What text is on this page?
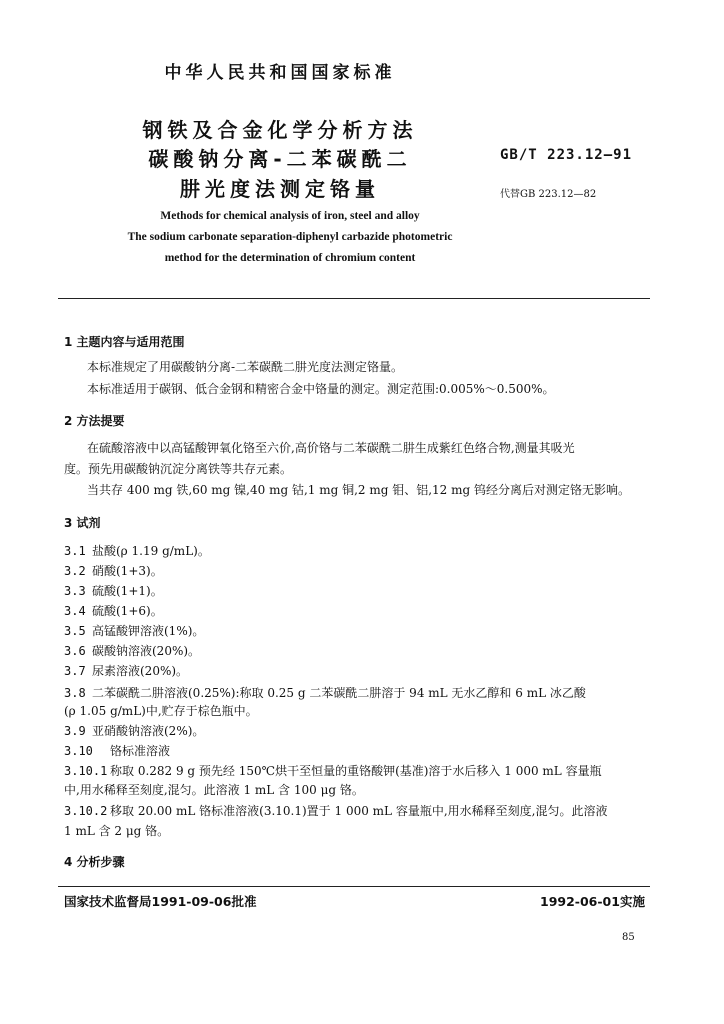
中华人民共和国国家标准
钢铁及合金化学分析方法
碳酸钠分离-二苯碳酰二
肼光度法测定铬量
GB/T 223.12—91
代替GB 223.12—82
Methods for chemical analysis of iron, steel and alloy
The sodium carbonate separation-diphenyl carbazide photometric
method for the determination of chromium content
1 主题内容与适用范围
本标准规定了用碳酸钠分离-二苯碳酰二肼光度法测定铬量。
本标准适用于碳钢、低合金钢和精密合金中铬量的测定。测定范围:0.005%～0.500%。
2 方法提要
在硫酸溶液中以高锰酸钾氧化铬至六价,高价铬与二苯碳酰二肼生成紫红色络合物,测量其吸光
度。预先用碳酸钠沉淀分离铁等共存元素。
当共存 400 mg 铁,60 mg 镍,40 mg 钴,1 mg 铜,2 mg 钼、铝,12 mg 钨经分离后对测定铬无影响。
3 试剂
3.1 盐酸(ρ 1.19 g/mL)。
3.2 硝酸(1+3)。
3.3 硫酸(1+1)。
3.4 硫酸(1+6)。
3.5 高锰酸钾溶液(1%)。
3.6 碳酸钠溶液(20%)。
3.7 尿素溶液(20%)。
3.8 二苯碳酰二肼溶液(0.25%):称取 0.25 g 二苯碳酰二肼溶于 94 mL 无水乙醇和 6 mL 冰乙酸
(ρ 1.05 g/mL)中,贮存于棕色瓶中。
3.9 亚硝酸钠溶液(2%)。
3.10 铬标准溶液
3.10.1 称取 0.282 9 g 预先经 150℃烘干至恒量的重铬酸钾(基准)溶于水后移入 1 000 mL 容量瓶
中,用水稀释至刻度,混匀。此溶液 1 mL 含 100 μg 铬。
3.10.2 移取 20.00 mL 铬标准溶液(3.10.1)置于 1 000 mL 容量瓶中,用水稀释至刻度,混匀。此溶液
1 mL 含 2 μg 铬。
4 分析步骤
国家技术监督局1991-09-06批准	1992-06-01实施
85
